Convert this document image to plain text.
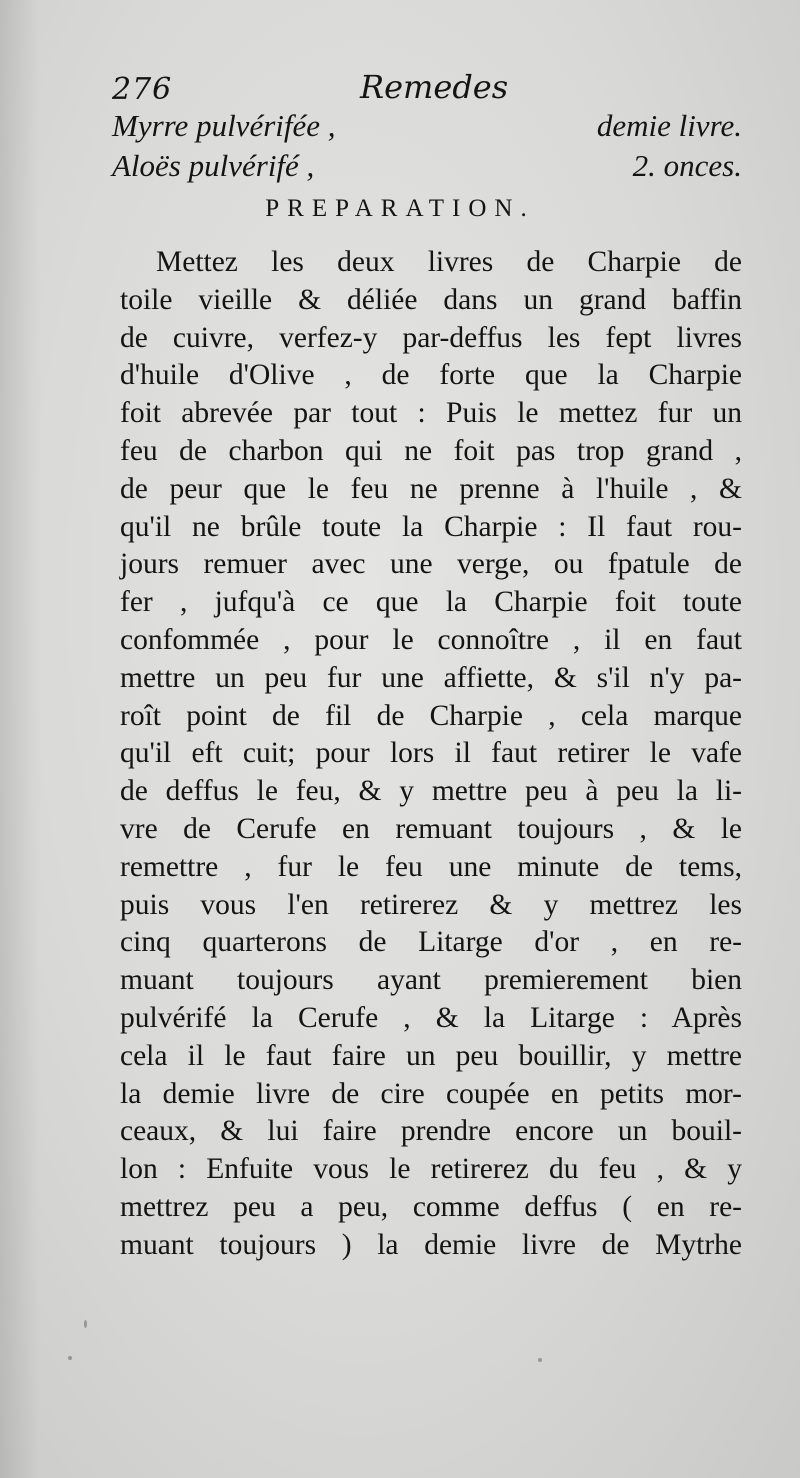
276	Remedes
Myrre pulvérifée ,	demie livre.
Aloës pulvérifé ,	2. onces.
PREPARATION.
Mettez les deux livres de Charpie de
toile vieille & déliée dans un grand baffin
de cuivre, verfez-y par-deffus les fept livres
d'huile d'Olive , de forte que la Charpie
foit abrevée par tout : Puis le mettez fur un
feu de charbon qui ne foit pas trop grand ,
de peur que le feu ne prenne à l'huile , &
qu'il ne brûle toute la Charpie : Il faut rou-
jours remuer avec une verge, ou fpatule de
fer , jufqu'à ce que la Charpie foit toute
confommée , pour le connoître , il en faut
mettre un peu fur une affiette, & s'il n'y pa-
roît point de fil de Charpie , cela marque
qu'il eft cuit; pour lors il faut retirer le vafe
de deffus le feu, & y mettre peu à peu la li-
vre de Cerufe en remuant toujours , & le
remettre , fur le feu une minute de tems,
puis vous l'en retirerez & y mettrez les
cinq quarterons de Litarge d'or , en re-
muant toujours ayant premierement bien
pulvérifé la Cerufe , & la Litarge : Après
cela il le faut faire un peu bouillir, y mettre
la demie livre de cire coupée en petits mor-
ceaux, & lui faire prendre encore un bouil-
lon : Enfuite vous le retirerez du feu , & y
mettrez peu a peu, comme deffus ( en re-
muant toujours ) la demie livre de Mytrhe
